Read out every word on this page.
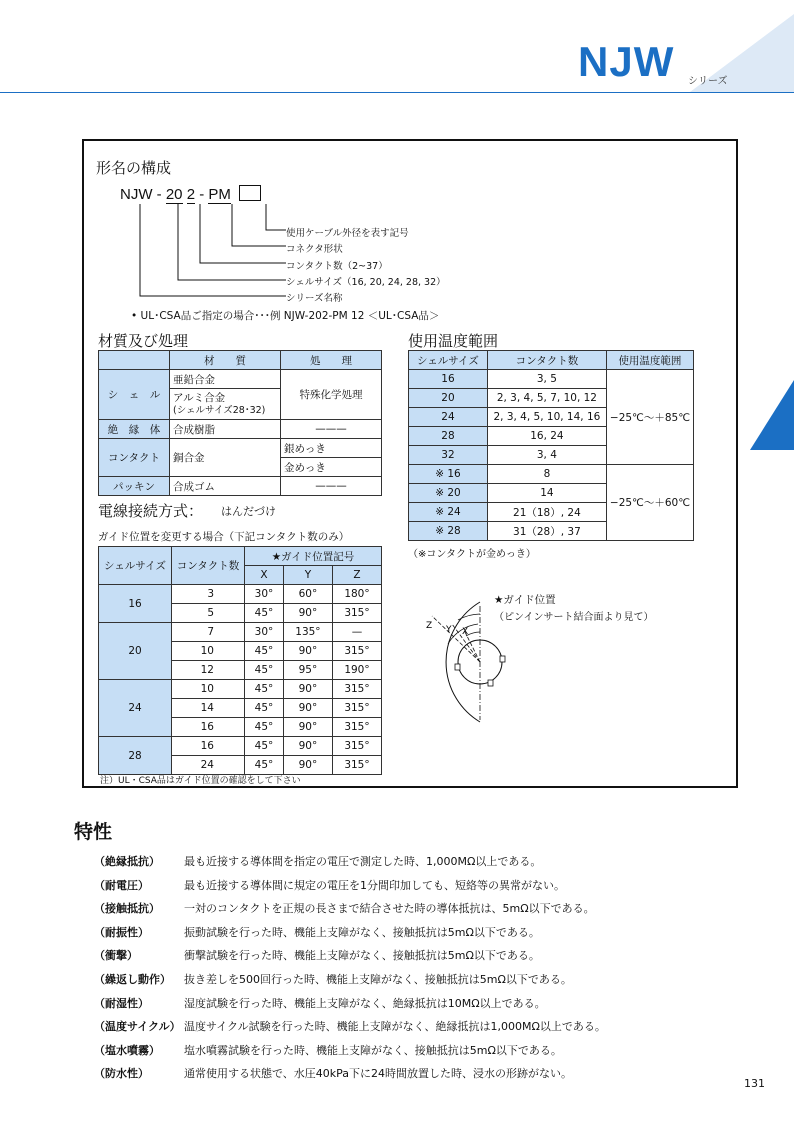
NJW シリーズ
形名の構成
NJW - 20 2 - PM
使用ケーブル外径を表す記号
コネクタ形状
コンタクト数（2~37）
シェルサイズ（16, 20, 24, 28, 32）
シリーズ名称
• UL･CSA品ご指定の場合･･･例 NJW-202-PM 12 ＜UL･CSA品＞
材質及び処理
	材　　質	処　　理
シ　ェ　ル	亜鉛合金	特殊化学処理
	アルミ合金
(シェルサイズ28･32)	
絶　縁　体	合成樹脂	———
コンタクト	銅合金	銀めっき
		金めっき
パッキン	合成ゴム	———
電線接続方式： はんだづけ
ガイド位置を変更する場合（下記コンタクト数のみ）
シェルサイズ	コンタクト数	★ガイド位置記号		
		X	Y	Z
16	3	30°	60°	180°
	5	45°	90°	315°
20	7	30°	135°	—
	10	45°	90°	315°
	12	45°	95°	190°
24	10	45°	90°	315°
	14	45°	90°	315°
	16	45°	90°	315°
28	16	45°	90°	315°
	24	45°	90°	315°
注）UL・CSA品はガイド位置の確認をして下さい
使用温度範囲
シェルサイズ	コンタクト数	使用温度範囲
16	3, 5	−25℃～＋85℃
20	2, 3, 4, 5, 7, 10, 12	
24	2, 3, 4, 5, 10, 14, 16	
28	16, 24	
32	3, 4	
※ 16	8	−25℃～＋60℃
※ 20	14	
※ 24	21（18）, 24	
※ 28	31（28）, 37	
（※コンタクトが金めっき）
★ガイド位置
（ピンインサート結合面より見て）
Z Y X
特性
（絶縁抵抗） 最も近接する導体間を指定の電圧で測定した時、1,000MΩ以上である。
（耐電圧）	最も近接する導体間に規定の電圧を1分間印加しても、短絡等の異常がない。
（接触抵抗） 一対のコンタクトを正規の長さまで結合させた時の導体抵抗は、5mΩ以下である。
（耐振性）	振動試験を行った時、機能上支障がなく、接触抵抗は5mΩ以下である。
（衝撃）	衝撃試験を行った時、機能上支障がなく、接触抵抗は5mΩ以下である。
（繰返し動作） 抜き差しを500回行った時、機能上支障がなく、接触抵抗は5mΩ以下である。
（耐湿性）	湿度試験を行った時、機能上支障がなく、絶縁抵抗は10MΩ以上である。
（温度サイクル） 温度サイクル試験を行った時、機能上支障がなく、絶縁抵抗は1,000MΩ以上である。
（塩水噴霧） 塩水噴霧試験を行った時、機能上支障がなく、接触抵抗は5mΩ以下である。
（防水性）	通常使用する状態で、水圧40kPa下に24時間放置した時、浸水の形跡がない。
131
